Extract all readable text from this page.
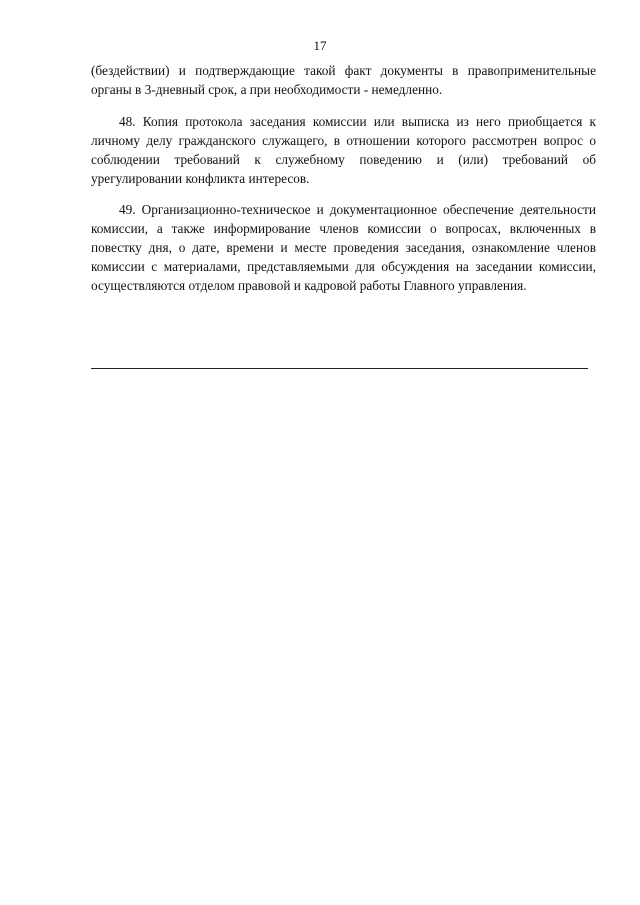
17

(бездействии) и подтверждающие такой факт документы в правоприменительные органы в 3-дневный срок, а при необходимости - немедленно.

48. Копия протокола заседания комиссии или выписка из него приобщается к личному делу гражданского служащего, в отношении которого рассмотрен вопрос о соблюдении требований к служебному поведению и (или) требований об урегулировании конфликта интересов.

49. Организационно-техническое и документационное обеспечение деятельности комиссии, а также информирование членов комиссии о вопросах, включенных в повестку дня, о дате, времени и месте проведения заседания, ознакомление членов комиссии с материалами, представляемыми для обсуждения на заседании комиссии, осуществляются отделом правовой и кадровой работы Главного управления.
